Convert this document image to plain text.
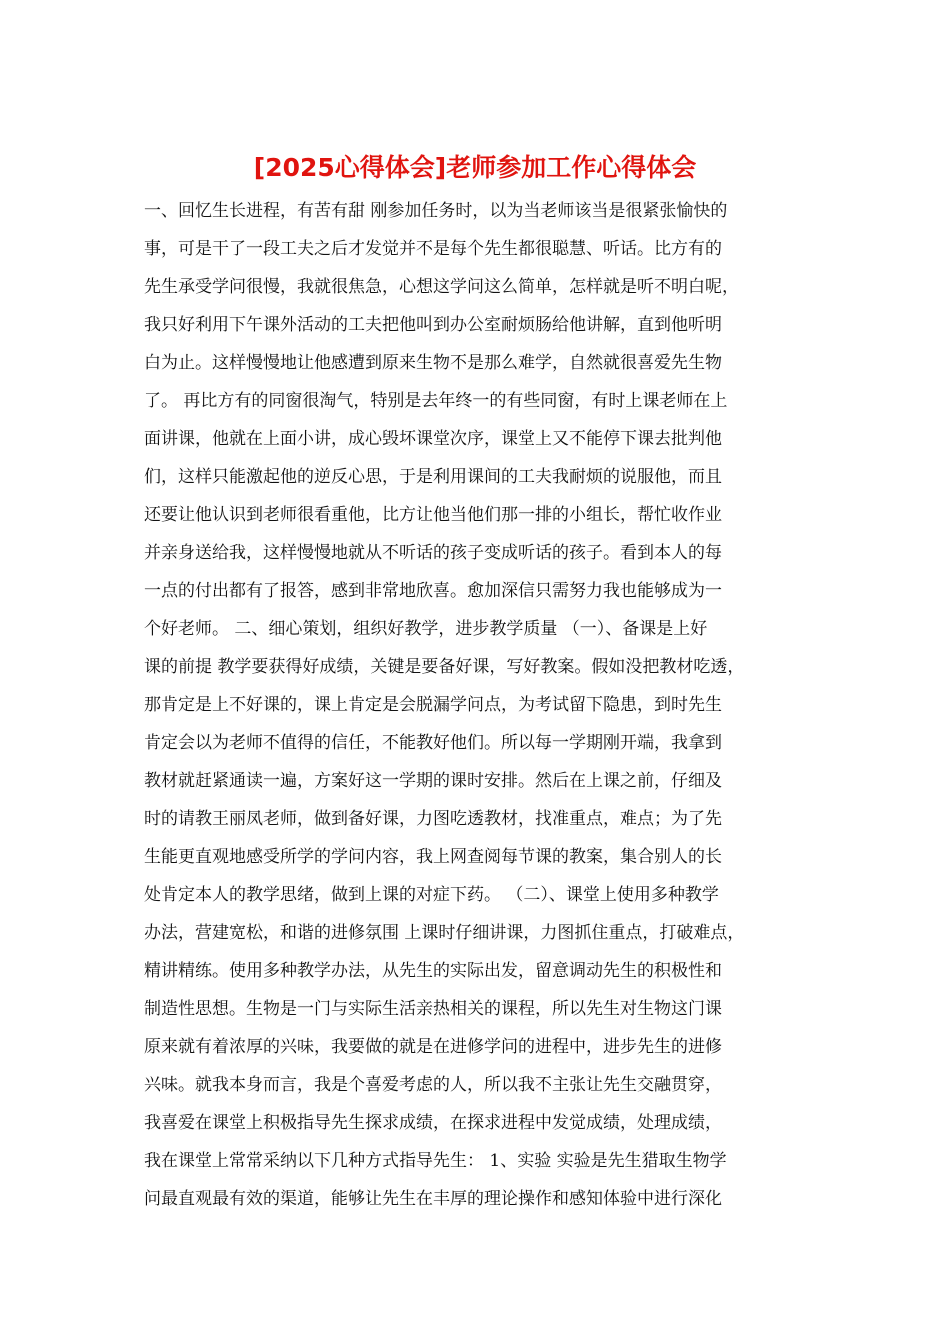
[2025心得体会]老师参加工作心得体会
一、回忆生长进程，有苦有甜 刚参加任务时，以为当老师该当是很紧张愉快的
事，可是干了一段工夫之后才发觉并不是每个先生都很聪慧、听话。比方有的
先生承受学问很慢，我就很焦急，心想这学问这么简单，怎样就是听不明白呢，
我只好利用下午课外活动的工夫把他叫到办公室耐烦肠给他讲解，直到他听明
白为止。这样慢慢地让他感遭到原来生物不是那么难学，自然就很喜爱先生物
了。 再比方有的同窗很淘气，特别是去年终一的有些同窗，有时上课老师在上
面讲课，他就在上面小讲，成心毁坏课堂次序，课堂上又不能停下课去批判他
们，这样只能激起他的逆反心思，于是利用课间的工夫我耐烦的说服他，而且
还要让他认识到老师很看重他，比方让他当他们那一排的小组长，帮忙收作业
并亲身送给我，这样慢慢地就从不听话的孩子变成听话的孩子。看到本人的每
一点的付出都有了报答，感到非常地欣喜。愈加深信只需努力我也能够成为一
个好老师。 二、细心策划，组织好教学，进步教学质量 （一）、备课是上好
课的前提 教学要获得好成绩，关键是要备好课，写好教案。假如没把教材吃透，
那肯定是上不好课的，课上肯定是会脱漏学问点，为考试留下隐患，到时先生
肯定会以为老师不值得的信任，不能教好他们。所以每一学期刚开端，我拿到
教材就赶紧通读一遍，方案好这一学期的课时安排。然后在上课之前，仔细及
时的请教王丽凤老师，做到备好课，力图吃透教材，找准重点，难点；为了先
生能更直观地感受所学的学问内容，我上网查阅每节课的教案，集合别人的长
处肯定本人的教学思绪，做到上课的对症下药。 （二）、课堂上使用多种教学
办法，营建宽松，和谐的进修氛围 上课时仔细讲课，力图抓住重点，打破难点，
精讲精练。使用多种教学办法，从先生的实际出发，留意调动先生的积极性和
制造性思想。生物是一门与实际生活亲热相关的课程，所以先生对生物这门课
原来就有着浓厚的兴味，我要做的就是在进修学问的进程中，进步先生的进修
兴味。就我本身而言，我是个喜爱考虑的人，所以我不主张让先生交融贯穿，
我喜爱在课堂上积极指导先生探求成绩，在探求进程中发觉成绩，处理成绩，
我在课堂上常常采纳以下几种方式指导先生： 1、实验 实验是先生猎取生物学
问最直观最有效的渠道，能够让先生在丰厚的理论操作和感知体验中进行深化
